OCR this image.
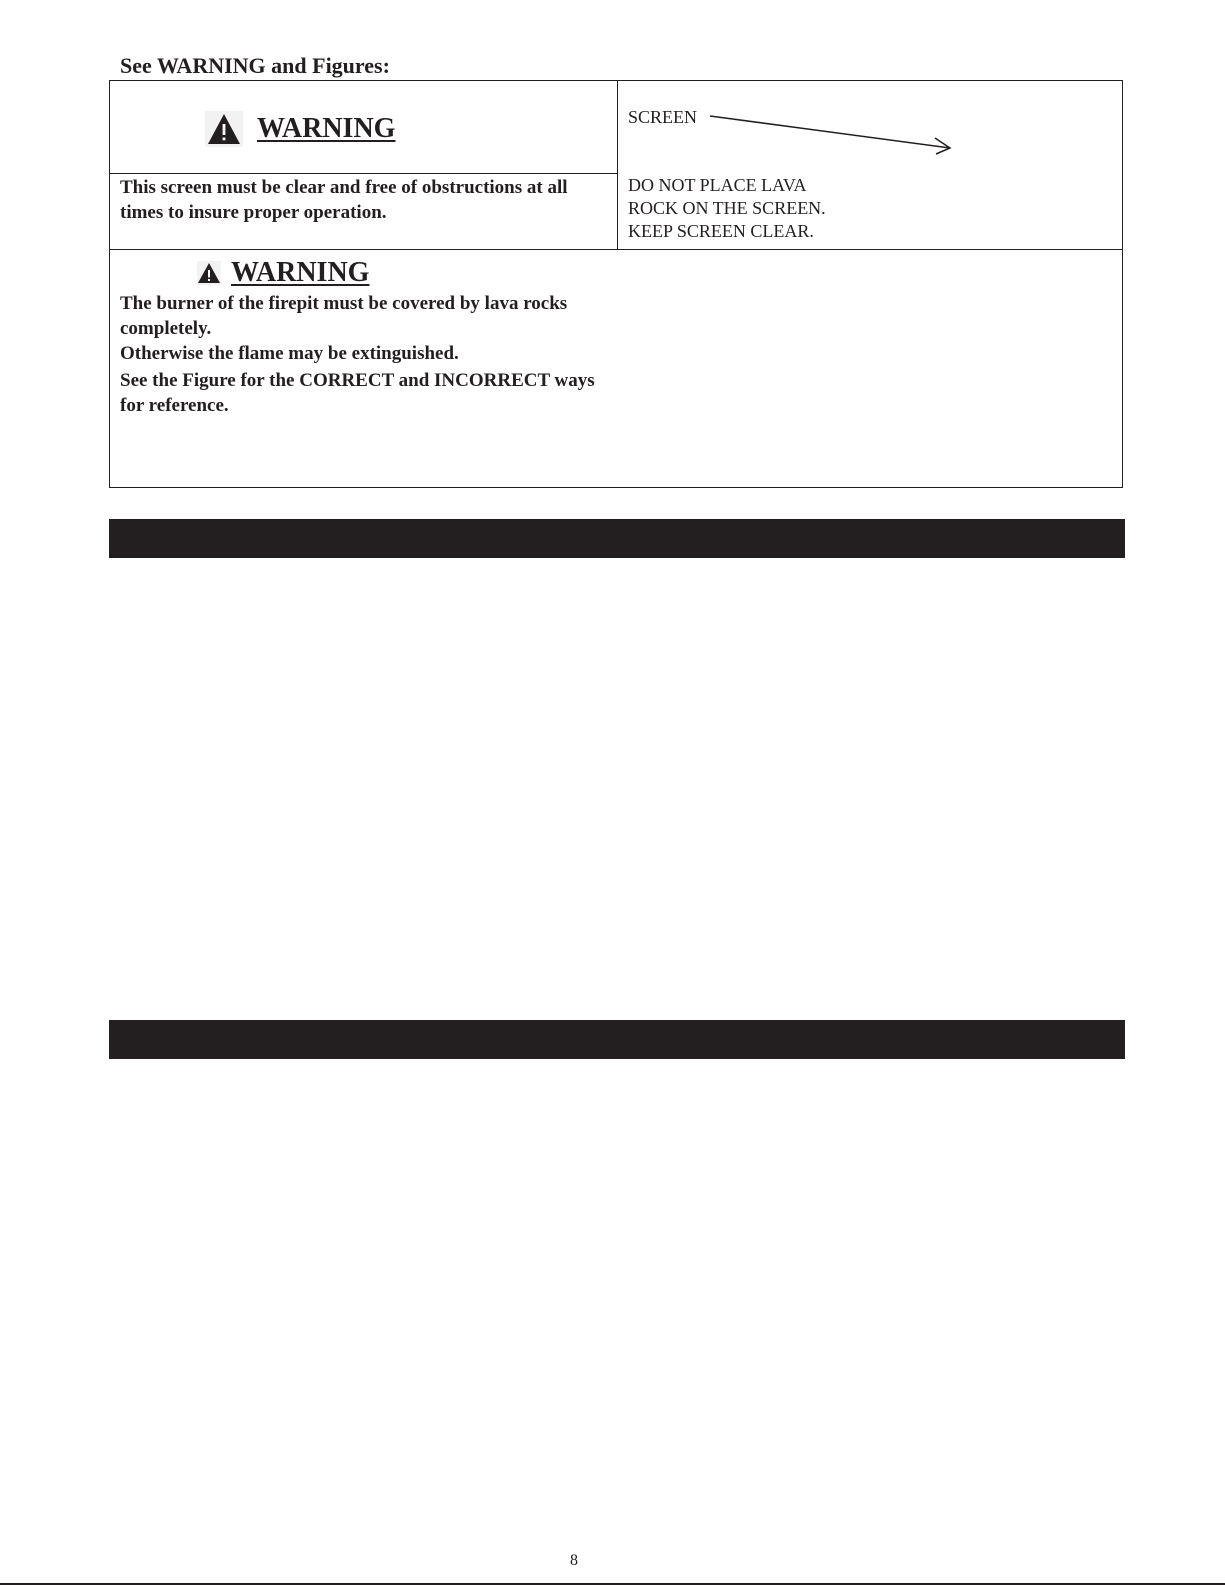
See WARNING and Figures:
WARNING
This screen must be clear and free of obstructions at all times to insure proper operation.
SCREEN

DO NOT PLACE LAVA

ROCK ON THE SCREEN.

KEEP SCREEN CLEAR.

WARNING

The burner of the firepit must be covered by lava rocks completely.

Otherwise the flame may be extinguished.

See the Figure for the CORRECT and INCORRECT ways for reference.

8
